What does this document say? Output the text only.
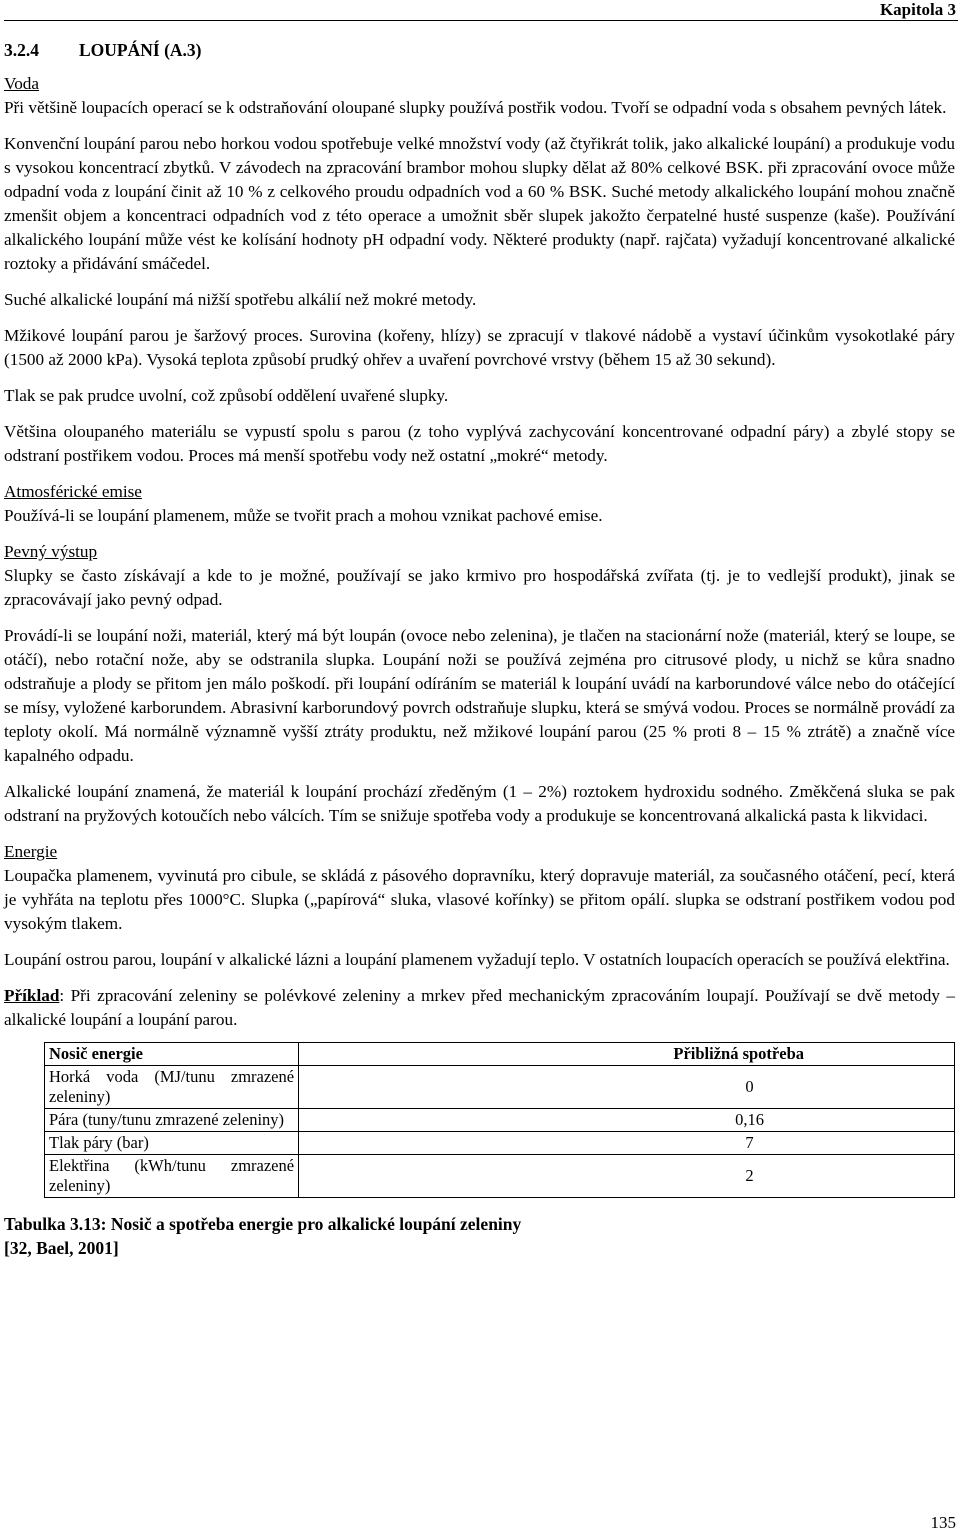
Kapitola 3
3.2.4 LOUPÁNÍ (A.3)
Voda

Při většině loupacích operací se k odstraňování oloupané slupky používá postřik vodou. Tvoří se odpadní voda s obsahem pevných látek.

Konvenční loupání parou nebo horkou vodou spotřebuje velké množství vody (až čtyřikrát tolik, jako alkalické loupání) a produkuje vodu s vysokou koncentrací zbytků. V závodech na zpracování brambor mohou slupky dělat až 80% celkové BSK. při zpracování ovoce může odpadní voda z loupání činit až 10 % z celkového proudu odpadních vod a 60 % BSK. Suché metody alkalického loupání mohou značně zmenšit objem a koncentraci odpadních vod z této operace a umožnit sběr slupek jakožto čerpatelné husté suspenze (kaše). Používání alkalického loupání může vést ke kolísání hodnoty pH odpadní vody. Některé produkty (např. rajčata) vyžadují koncentrované alkalické roztoky a přidávání smáčedel.

Suché alkalické loupání má nižší spotřebu alkálií než mokré metody.

Mžikové loupání parou je šaržový proces. Surovina (kořeny, hlízy) se zpracují v tlakové nádobě a vystaví účinkům vysokotlaké páry (1500 až 2000 kPa). Vysoká teplota způsobí prudký ohřev a uvaření povrchové vrstvy (během 15 až 30 sekund).

Tlak se pak prudce uvolní, což způsobí oddělení uvařené slupky.

Většina oloupaného materiálu se vypustí spolu s parou (z toho vyplývá zachycování koncentrované odpadní páry) a zbylé stopy se odstraní postřikem vodou. Proces má menší spotřebu vody než ostatní „mokré“ metody.

Atmosférické emise

Používá-li se loupání plamenem, může se tvořit prach a mohou vznikat pachové emise.

Pevný výstup

Slupky se často získávají a kde to je možné, používají se jako krmivo pro hospodářská zvířata (tj. je to vedlejší produkt), jinak se zpracovávají jako pevný odpad.

Provádí-li se loupání noži, materiál, který má být loupán (ovoce nebo zelenina), je tlačen na stacionární nože (materiál, který se loupe, se otáčí), nebo rotační nože, aby se odstranila slupka. Loupání noži se používá zejména pro citrusové plody, u nichž se kůra snadno odstraňuje a plody se přitom jen málo poškodí. při loupání odíráním se materiál k loupání uvádí na karborundové válce nebo do otáčející se mísy, vyložené karborundem. Abrasivní karborundový povrch odstraňuje slupku, která se smývá vodou. Proces se normálně provádí za teploty okolí. Má normálně významně vyšší ztráty produktu, než mžikové loupání parou (25 % proti 8 – 15 % ztrátě) a značně více kapalného odpadu.

Alkalické loupání znamená, že materiál k loupání prochází zředěným (1 – 2%) roztokem hydroxidu sodného. Změkčená sluka se pak odstraní na pryžových kotoučích nebo válcích. Tím se snižuje spotřeba vody a produkuje se koncentrovaná alkalická pasta k likvidaci.

Energie

Loupačka plamenem, vyvinutá pro cibule, se skládá z pásového dopravníku, který dopravuje materiál, za současného otáčení, pecí, která je vyhřáta na teplotu přes 1000°C. Slupka („papírová“ sluka, vlasové kořínky) se přitom opálí. slupka se odstraní postřikem vodou pod vysokým tlakem.

Loupání ostrou parou, loupání v alkalické lázni a loupání plamenem vyžadují teplo. V ostatních loupacích operacích se používá elektřina.

Příklad: Při zpracování zeleniny se polévkové zeleniny a mrkev před mechanickým zpracováním loupají. Používají se dvě metody – alkalické loupání a loupání parou.

Nosič energie	Přibližná spotřeba
Horká voda (MJ/tunu zmrazené zeleniny)	0
Pára (tuny/tunu zmrazené zeleniny)	0,16
Tlak páry (bar)	7
Elektřina (kWh/tunu zmrazené zeleniny)	2
Tabulka 3.13: Nosič a spotřeba energie pro alkalické loupání zeleniny
[32, Bael, 2001]
135
